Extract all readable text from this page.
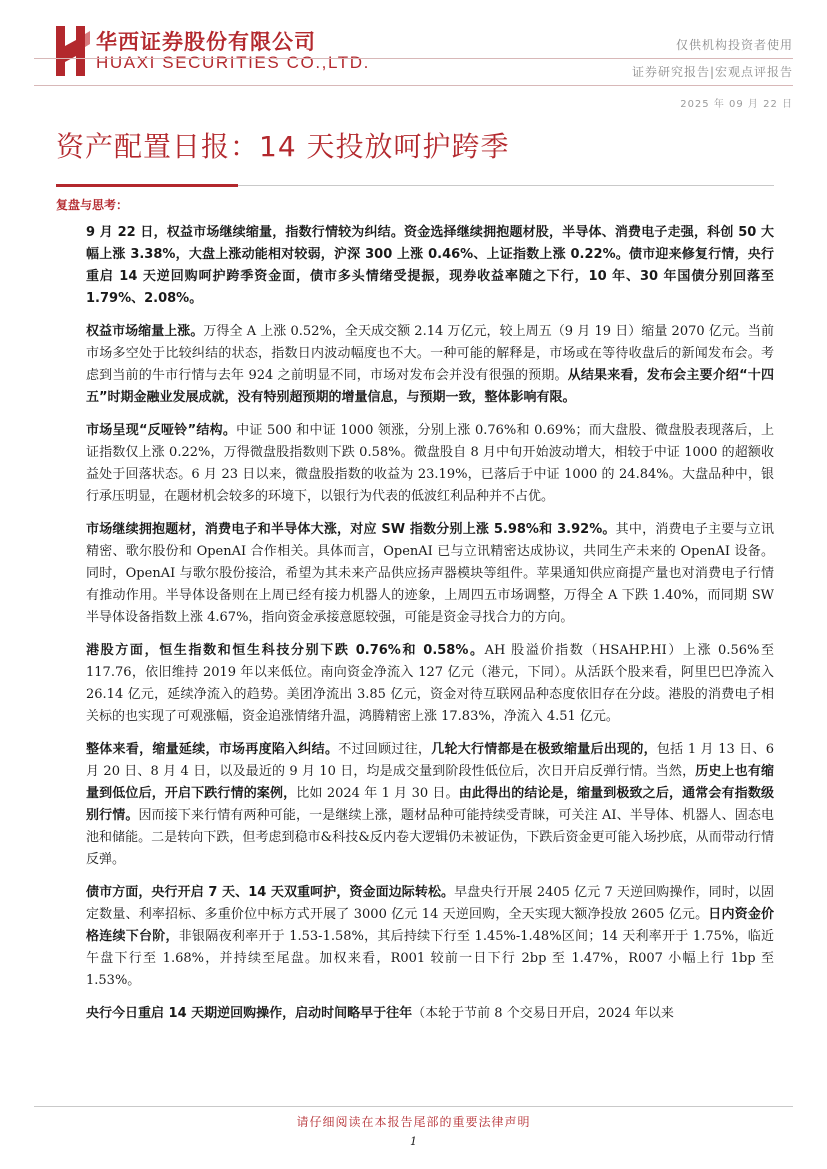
华西证券股份有限公司
HUAXI SECURITIES CO.,LTD.
仅供机构投资者使用
证券研究报告|宏观点评报告
2025 年 09 月 22 日
资产配置日报：14 天投放呵护跨季
复盘与思考：

9 月 22 日，权益市场继续缩量，指数行情较为纠结。资金选择继续拥抱题材股，半导体、消费电子走强，科创 50 大幅上涨 3.38%，大盘上涨动能相对较弱，沪深 300 上涨 0.46%、上证指数上涨 0.22%。债市迎来修复行情，央行重启 14 天逆回购呵护跨季资金面，债市多头情绪受提振，现券收益率随之下行，10 年、30 年国债分别回落至 1.79%、2.08%。

权益市场缩量上涨。万得全 A 上涨 0.52%，全天成交额 2.14 万亿元，较上周五（9 月 19 日）缩量 2070 亿元。当前市场多空处于比较纠结的状态，指数日内波动幅度也不大。一种可能的解释是，市场或在等待收盘后的新闻发布会。考虑到当前的牛市行情与去年 924 之前明显不同，市场对发布会并没有很强的预期。从结果来看，发布会主要介绍“十四五”时期金融业发展成就，没有特别超预期的增量信息，与预期一致，整体影响有限。

市场呈现“反哑铃”结构。中证 500 和中证 1000 领涨，分别上涨 0.76%和 0.69%；而大盘股、微盘股表现落后，上证指数仅上涨 0.22%，万得微盘股指数则下跌 0.58%。微盘股自 8 月中旬开始波动增大，相较于中证 1000 的超额收益处于回落状态。6 月 23 日以来，微盘股指数的收益为 23.19%，已落后于中证 1000 的 24.84%。大盘品种中，银行承压明显，在题材机会较多的环境下，以银行为代表的低波红利品种并不占优。

市场继续拥抱题材，消费电子和半导体大涨，对应 SW 指数分别上涨 5.98%和 3.92%。其中，消费电子主要与立讯精密、歌尔股份和 OpenAI 合作相关。具体而言，OpenAI 已与立讯精密达成协议，共同生产未来的 OpenAI 设备。同时，OpenAI 与歌尔股份接洽，希望为其未来产品供应扬声器模块等组件。苹果通知供应商提产量也对消费电子行情有推动作用。半导体设备则在上周已经有接力机器人的迹象，上周四五市场调整，万得全 A 下跌 1.40%，而同期 SW 半导体设备指数上涨 4.67%，指向资金承接意愿较强，可能是资金寻找合力的方向。

港股方面，恒生指数和恒生科技分别下跌 0.76%和 0.58%。AH 股溢价指数（HSAHP.HI）上涨 0.56%至 117.76，依旧维持 2019 年以来低位。南向资金净流入 127 亿元（港元，下同）。从活跃个股来看，阿里巴巴净流入 26.14 亿元，延续净流入的趋势。美团净流出 3.85 亿元，资金对待互联网品种态度依旧存在分歧。港股的消费电子相关标的也实现了可观涨幅，资金追涨情绪升温，鸿腾精密上涨 17.83%，净流入 4.51 亿元。

整体来看，缩量延续，市场再度陷入纠结。不过回顾过往，几轮大行情都是在极致缩量后出现的，包括 1 月 13 日、6 月 20 日、8 月 4 日，以及最近的 9 月 10 日，均是成交量到阶段性低位后，次日开启反弹行情。当然，历史上也有缩量到低位后，开启下跌行情的案例，比如 2024 年 1 月 30 日。由此得出的结论是，缩量到极致之后，通常会有指数级别行情。因而接下来行情有两种可能，一是继续上涨，题材品种可能持续受青睐，可关注 AI、半导体、机器人、固态电池和储能。二是转向下跌，但考虑到稳市&科技&反内卷大逻辑仍未被证伪，下跌后资金更可能入场抄底，从而带动行情反弹。

债市方面，央行开启 7 天、14 天双重呵护，资金面边际转松。早盘央行开展 2405 亿元 7 天逆回购操作，同时，以固定数量、利率招标、多重价位中标方式开展了 3000 亿元 14 天逆回购，全天实现大额净投放 2605 亿元。日内资金价格连续下台阶，非银隔夜利率开于 1.53-1.58%，其后持续下行至 1.45%-1.48%区间；14 天利率开于 1.75%，临近午盘下行至 1.68%，并持续至尾盘。加权来看，R001 较前一日下行 2bp 至 1.47%，R007 小幅上行 1bp 至 1.53%。

央行今日重启 14 天期逆回购操作，启动时间略早于往年（本轮于节前 8 个交易日开启，2024 年以来

请仔细阅读在本报告尾部的重要法律声明
1
